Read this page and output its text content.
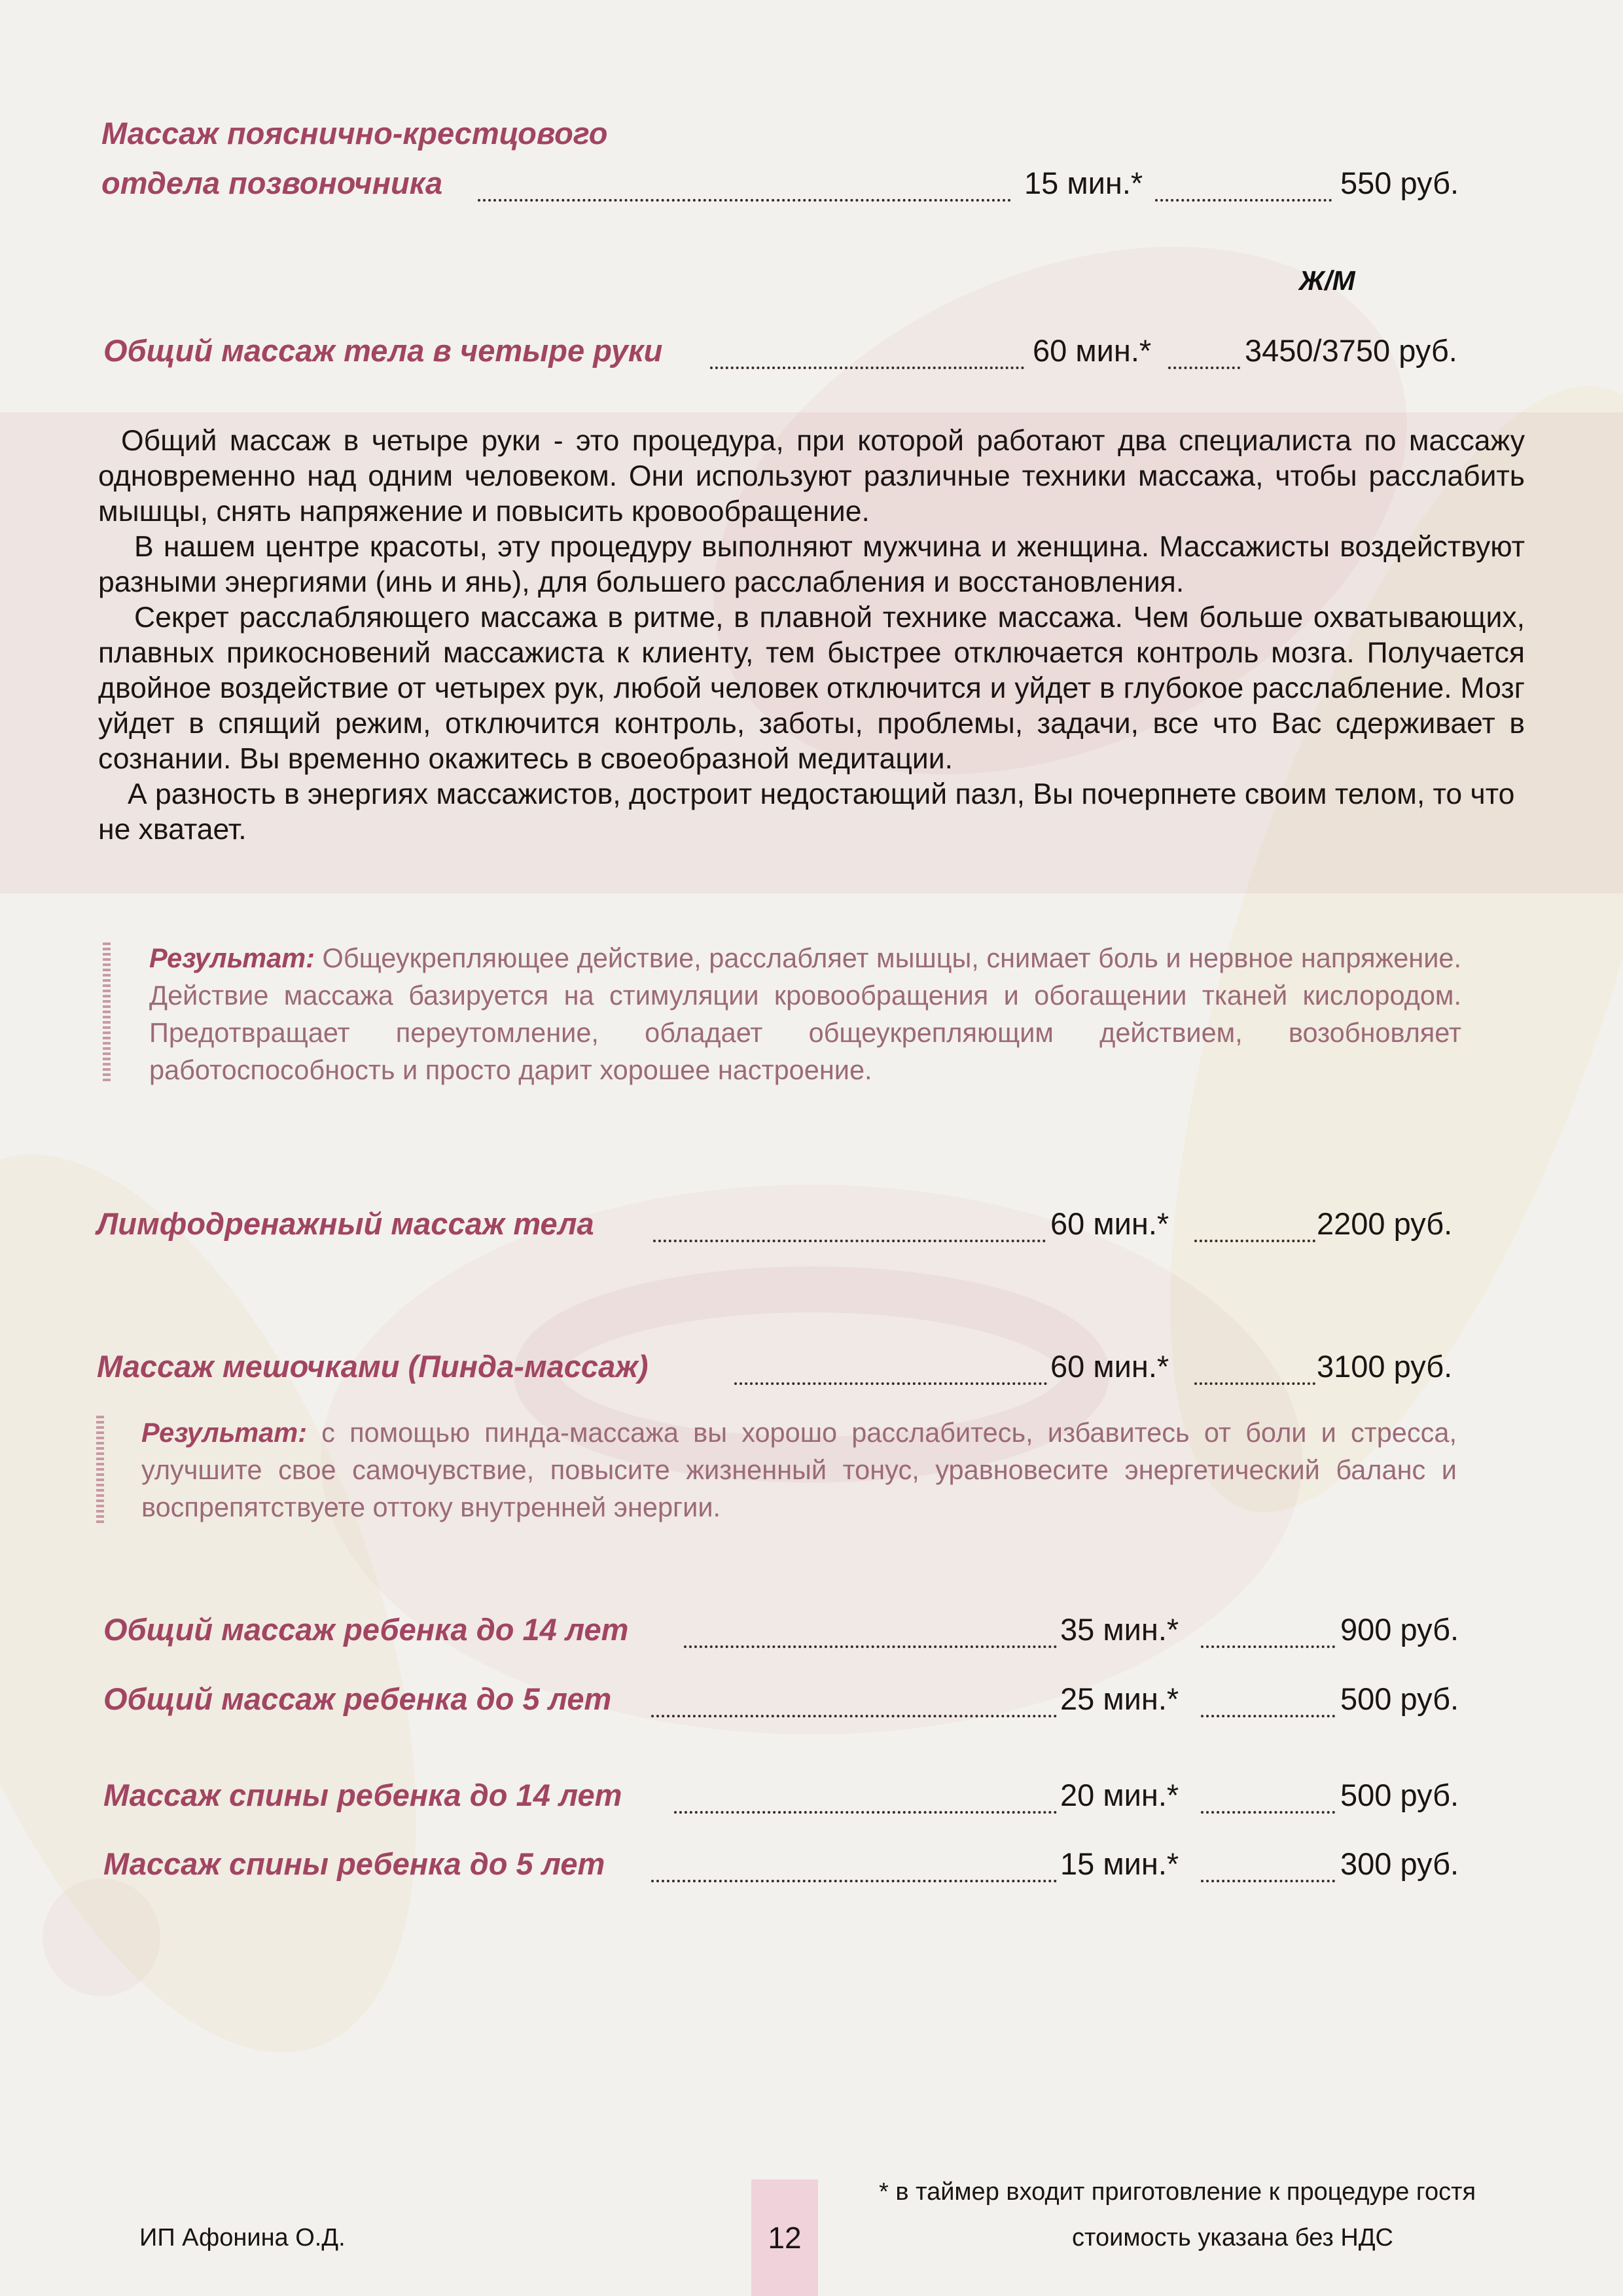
Массаж пояснично-крестцового
отдела позвоночника	15 мин.*	550 руб.
Ж/М
Общий массаж тела в четыре руки	60 мин.*	3450/3750 руб.

Общий массаж в четыре руки - это процедура, при которой работают два специалиста по массажу одновременно над одним человеком. Они используют различные техники массажа, чтобы расслабить мышцы, снять напряжение и повысить кровообращение.

В нашем центре красоты, эту процедуру выполняют мужчина и женщина. Массажисты воздействуют разными энергиями (инь и янь), для большего расслабления и восстановления.

Секрет расслабляющего массажа в ритме, в плавной технике массажа. Чем больше охватывающих, плавных прикосновений массажиста к клиенту, тем быстрее отключается контроль мозга. Получается двойное воздействие от четырех рук, любой человек отключится и уйдет в глубокое расслабление. Мозг уйдет в спящий режим, отключится контроль, заботы, проблемы, задачи, все что Вас сдерживает в сознании. Вы временно окажитесь в своеобразной медитации.

А разность в энергиях массажистов, достроит недостающий пазл, Вы почерпнете своим телом, то что не хватает.

Результат: Общеукрепляющее действие, расслабляет мышцы, снимает боль и нервное напряжение. Действие массажа базируется на стимуляции кровообращения и обогащении тканей кислородом. Предотвращает переутомление, обладает общеукрепляющим действием, возобновляет работоспособность и просто дарит хорошее настроение.
Лимфодренажный массаж тела	60 мин.*	2200 руб.
Массаж мешочками (Пинда-массаж)	60 мин.*	3100 руб.
Результат: с помощью пинда-массажа вы хорошо расслабитесь, избавитесь от боли и стресса, улучшите свое самочувствие, повысите жизненный тонус, уравновесите энергетический баланс и воспрепятствуете оттоку внутренней энергии.
Общий массаж ребенка до 14 лет	35 мин.*	900 руб.
Общий массаж ребенка до 5 лет	25 мин.*	500 руб.
Массаж спины ребенка до 14 лет	20 мин.*	500 руб.
Массаж спины ребенка до 5 лет	15 мин.*	300 руб.
12
* в таймер входит приготовление к процедуре гостя
ИП Афонина О.Д.	стоимость указана без НДС
